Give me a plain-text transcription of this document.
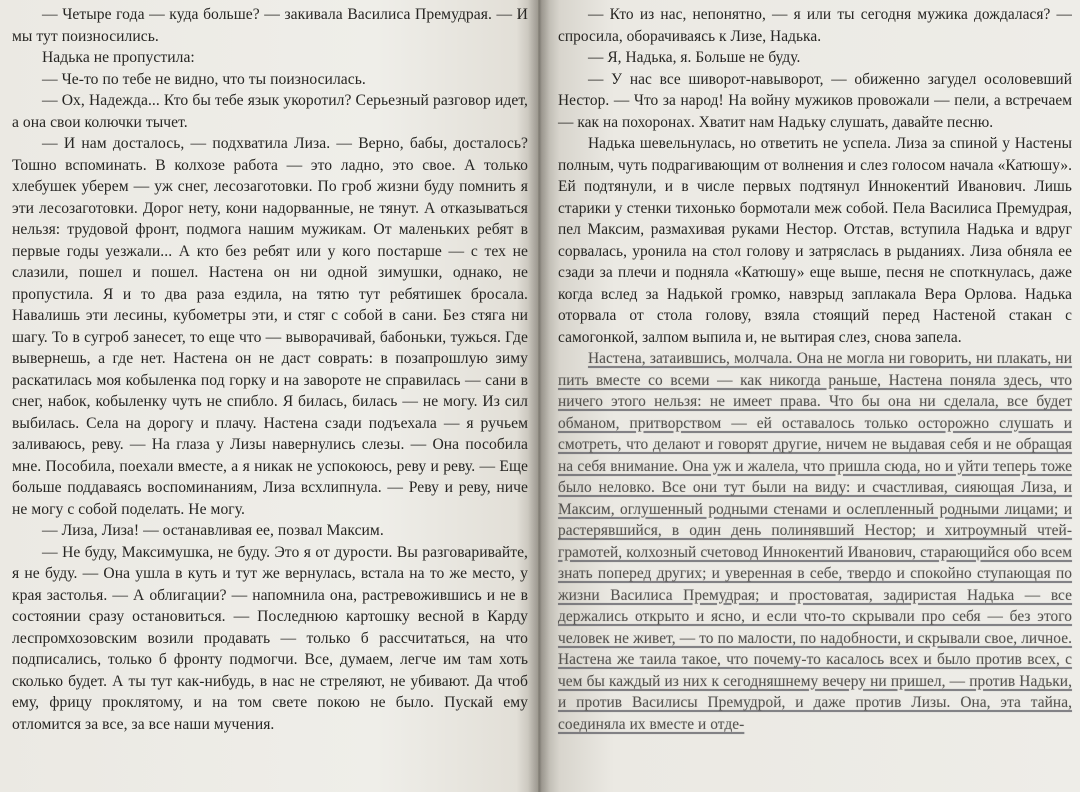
— Четыре года — куда больше? — закивала Василиса Премудрая. — И мы тут поизносились.

Надька не пропустила:

— Че-то по тебе не видно, что ты поизносилась.

— Ох, Надежда... Кто бы тебе язык укоротил? Серьезный разговор идет, а она свои колючки тычет.

— И нам досталось, — подхватила Лиза. — Верно, бабы, досталось? Тошно вспоминать. В колхозе работа — это ладно, это свое. А только хлебушек уберем — уж снег, лесозаготовки. По гроб жизни буду помнить я эти лесозаготовки. Дорог нету, кони надорванные, не тянут. А отказываться нельзя: трудовой фронт, подмога нашим мужикам. От маленьких ребят в первые годы уезжали... А кто без ребят или у кого постарше — с тех не слазили, пошел и пошел. Настена он ни одной зимушки, однако, не пропустила. Я и то два раза ездила, на тятю тут ребятишек бросала. Навалишь эти лесины, кубометры эти, и стяг с собой в сани. Без стяга ни шагу. То в сугроб занесет, то еще что — выворачивай, бабоньки, тужься. Где вывернешь, а где нет. Настена он не даст соврать: в позапрошлую зиму раскатилась моя кобыленка под горку и на завороте не справилась — сани в снег, набок, кобыленку чуть не спибло. Я билась, билась — не могу. Из сил выбилась. Села на дорогу и плачу. Настена сзади подъехала — я ручьем заливаюсь, реву. — На глаза у Лизы навернулись слезы. — Она пособила мне. Пособила, поехали вместе, а я никак не успокоюсь, реву и реву. — Еще больше поддаваясь воспоминаниям, Лиза всхлипнула. — Реву и реву, ниче не могу с собой поделать. Не могу.

— Лиза, Лиза! — останавливая ее, позвал Максим.

— Не буду, Максимушка, не буду. Это я от дурости. Вы разговаривайте, я не буду. — Она ушла в куть и тут же вернулась, встала на то же место, у края застолья. — А облигации? — напомнила она, растревожившись и не в состоянии сразу остановиться. — Последнюю картошку весной в Карду леспромхозовским возили продавать — только б рассчитаться, на что подписались, только б фронту подмогчи. Все, думаем, легче им там хоть сколько будет. А ты тут как-нибудь, в нас не стреляют, не убивают. Да чтоб ему, фрицу проклятому, и на том свете покою не было. Пускай ему отломится за все, за все наши мучения.

— Кто из нас, непонятно, — я или ты сегодня мужика дождалася? — спросила, оборачиваясь к Лизе, Надька.

— Я, Надька, я. Больше не буду.

— У нас все шиворот-навыворот, — обиженно загудел осоловевший Нестор. — Что за народ! На войну мужиков провожали — пели, а встречаем — как на похоронах. Хватит нам Надьку слушать, давайте песню.

Надька шевельнулась, но ответить не успела. Лиза за спиной у Настены полным, чуть подрагивающим от волнения и слез голосом начала «Катюшу». Ей подтянули, и в числе первых подтянул Иннокентий Иванович. Лишь старики у стенки тихонько бормотали меж собой. Пела Василиса Премудрая, пел Максим, размахивая руками Нестор. Отстав, вступила Надька и вдруг сорвалась, уронила на стол голову и затряслась в рыданиях. Лиза обняла ее сзади за плечи и подняла «Катюшу» еще выше, песня не споткнулась, даже когда вслед за Надькой громко, навзрыд заплакала Вера Орлова. Надька оторвала от стола голову, взяла стоящий перед Настеной стакан с самогонкой, залпом выпила и, не вытирая слез, снова запела.

Настена, затаившись, молчала. Она не могла ни говорить, ни плакать, ни пить вместе со всеми — как никогда раньше, Настена поняла здесь, что ничего этого нельзя: не имеет права. Что бы она ни сделала, все будет обманом, притворством — ей оставалось только осторожно слушать и смотреть, что делают и говорят другие, ничем не выдавая себя и не обращая на себя внимание. Она уж и жалела, что пришла сюда, но и уйти теперь тоже было неловко. Все они тут были на виду: и счастливая, сияющая Лиза, и Максим, оглушенный родными стенами и ослепленный родными лицами; и растерявшийся, в один день полинявший Нестор; и хитроумный чтей-грамотей, колхозный счетовод Иннокентий Иванович, старающийся обо всем знать поперед других; и уверенная в себе, твердо и спокойно ступающая по жизни Василиса Премудрая; и простоватая, задиристая Надька — все держались открыто и ясно, и если что-то скрывали про себя — без этого человек не живет, — то по малости, по надобности, и скрывали свое, личное. Настена же таила такое, что почему-то касалось всех и было против всех, с чем бы каждый из них к сегодняшнему вечеру ни пришел, — против Надьки, и против Василисы Премудрой, и даже против Лизы. Она, эта тайна, соединяла их вместе и отде-
